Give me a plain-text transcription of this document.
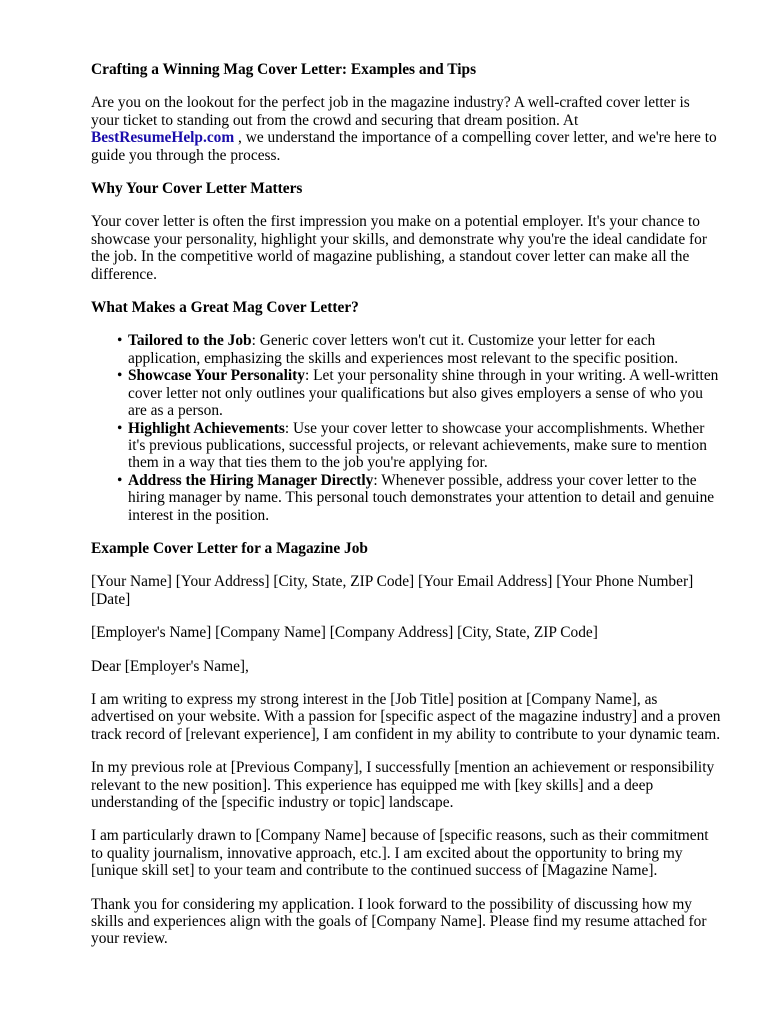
Crafting a Winning Mag Cover Letter: Examples and Tips

Are you on the lookout for the perfect job in the magazine industry? A well-crafted cover letter is your ticket to standing out from the crowd and securing that dream position. At BestResumeHelp.com , we understand the importance of a compelling cover letter, and we're here to guide you through the process.

Why Your Cover Letter Matters

Your cover letter is often the first impression you make on a potential employer. It's your chance to showcase your personality, highlight your skills, and demonstrate why you're the ideal candidate for the job. In the competitive world of magazine publishing, a standout cover letter can make all the difference.

What Makes a Great Mag Cover Letter?
• Tailored to the Job: Generic cover letters won't cut it. Customize your letter for each application, emphasizing the skills and experiences most relevant to the specific position.
• Showcase Your Personality: Let your personality shine through in your writing. A well-written cover letter not only outlines your qualifications but also gives employers a sense of who you are as a person.
• Highlight Achievements: Use your cover letter to showcase your accomplishments. Whether it's previous publications, successful projects, or relevant achievements, make sure to mention them in a way that ties them to the job you're applying for.
• Address the Hiring Manager Directly: Whenever possible, address your cover letter to the hiring manager by name. This personal touch demonstrates your attention to detail and genuine interest in the position.
Example Cover Letter for a Magazine Job

[Your Name] [Your Address] [City, State, ZIP Code] [Your Email Address] [Your Phone Number] [Date]

[Employer's Name] [Company Name] [Company Address] [City, State, ZIP Code]

Dear [Employer's Name],

I am writing to express my strong interest in the [Job Title] position at [Company Name], as advertised on your website. With a passion for [specific aspect of the magazine industry] and a proven track record of [relevant experience], I am confident in my ability to contribute to your dynamic team.

In my previous role at [Previous Company], I successfully [mention an achievement or responsibility relevant to the new position]. This experience has equipped me with [key skills] and a deep understanding of the [specific industry or topic] landscape.

I am particularly drawn to [Company Name] because of [specific reasons, such as their commitment to quality journalism, innovative approach, etc.]. I am excited about the opportunity to bring my [unique skill set] to your team and contribute to the continued success of [Magazine Name].

Thank you for considering my application. I look forward to the possibility of discussing how my skills and experiences align with the goals of [Company Name]. Please find my resume attached for your review.
